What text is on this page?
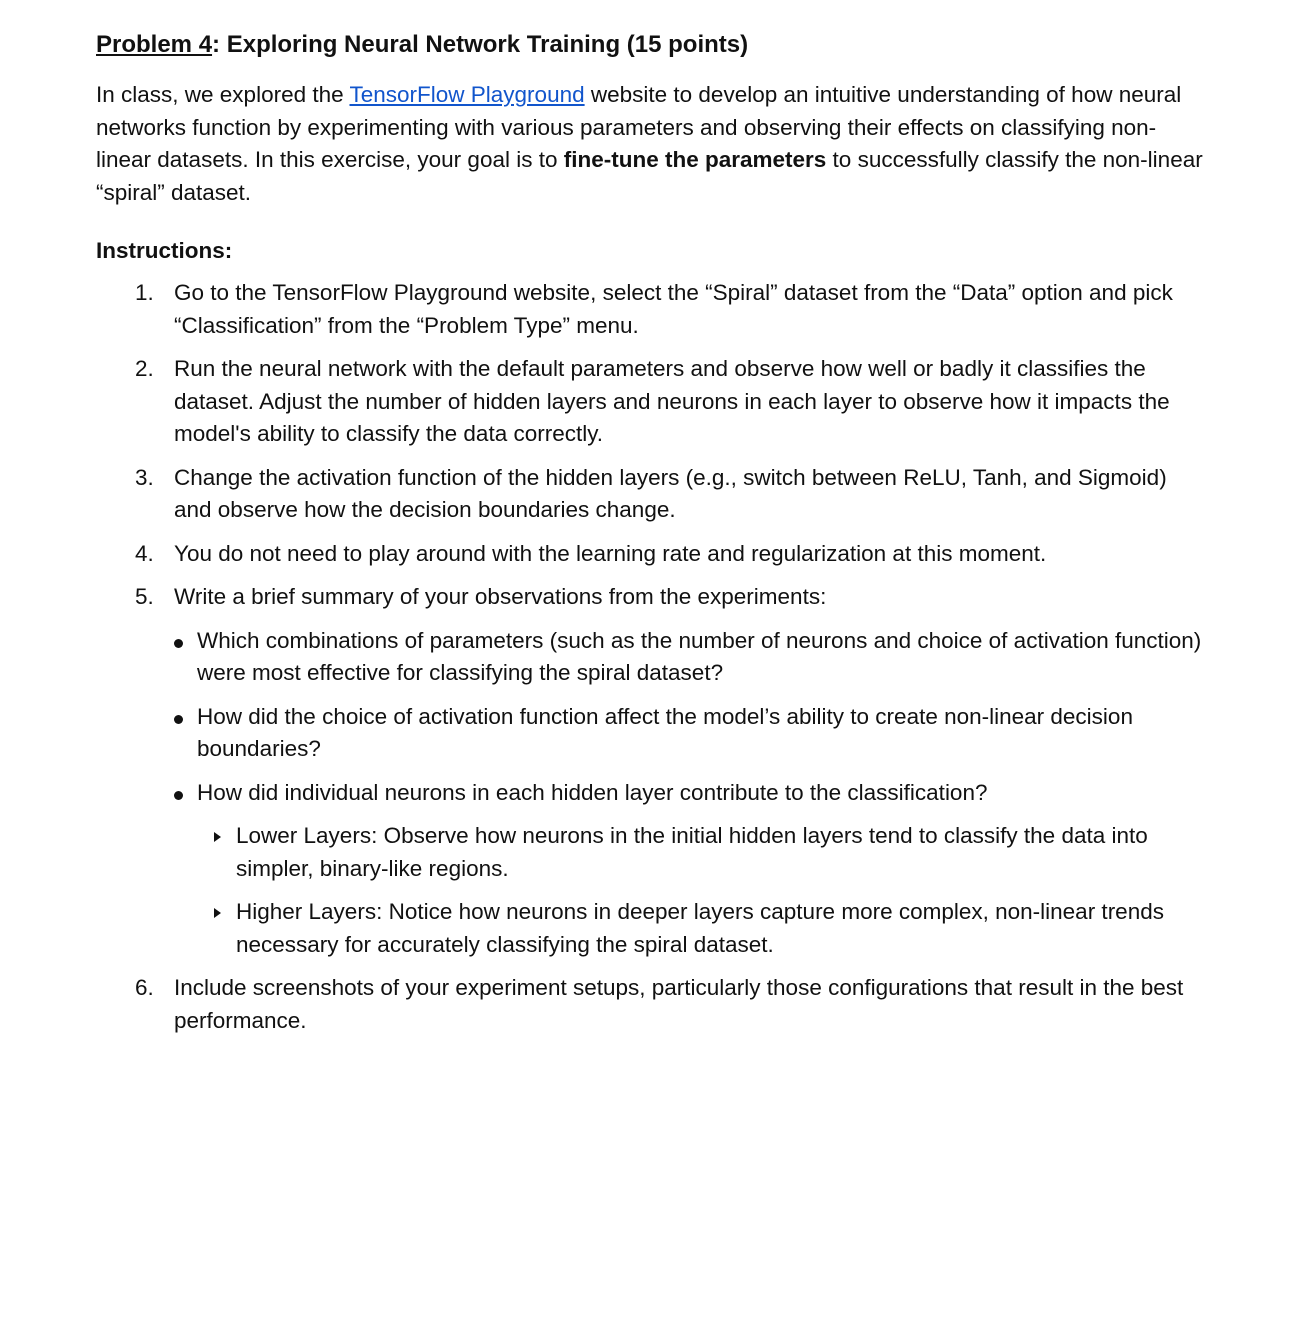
Problem 4: Exploring Neural Network Training (15 points)
In class, we explored the TensorFlow Playground website to develop an intuitive understanding of how neural networks function by experimenting with various parameters and observing their effects on classifying non-linear datasets. In this exercise, your goal is to fine-tune the parameters to successfully classify the non-linear “spiral” dataset.
Instructions:
1. Go to the TensorFlow Playground website, select the “Spiral” dataset from the “Data” option and pick “Classification” from the “Problem Type” menu.
2. Run the neural network with the default parameters and observe how well or badly it classifies the dataset. Adjust the number of hidden layers and neurons in each layer to observe how it impacts the model's ability to classify the data correctly.
3. Change the activation function of the hidden layers (e.g., switch between ReLU, Tanh, and Sigmoid) and observe how the decision boundaries change.
4. You do not need to play around with the learning rate and regularization at this moment.
5. Write a brief summary of your observations from the experiments:
Which combinations of parameters (such as the number of neurons and choice of activation function) were most effective for classifying the spiral dataset?
How did the choice of activation function affect the model’s ability to create non-linear decision boundaries?
How did individual neurons in each hidden layer contribute to the classification?
Lower Layers: Observe how neurons in the initial hidden layers tend to classify the data into simpler, binary-like regions.
Higher Layers: Notice how neurons in deeper layers capture more complex, non-linear trends necessary for accurately classifying the spiral dataset.
6. Include screenshots of your experiment setups, particularly those configurations that result in the best performance.
